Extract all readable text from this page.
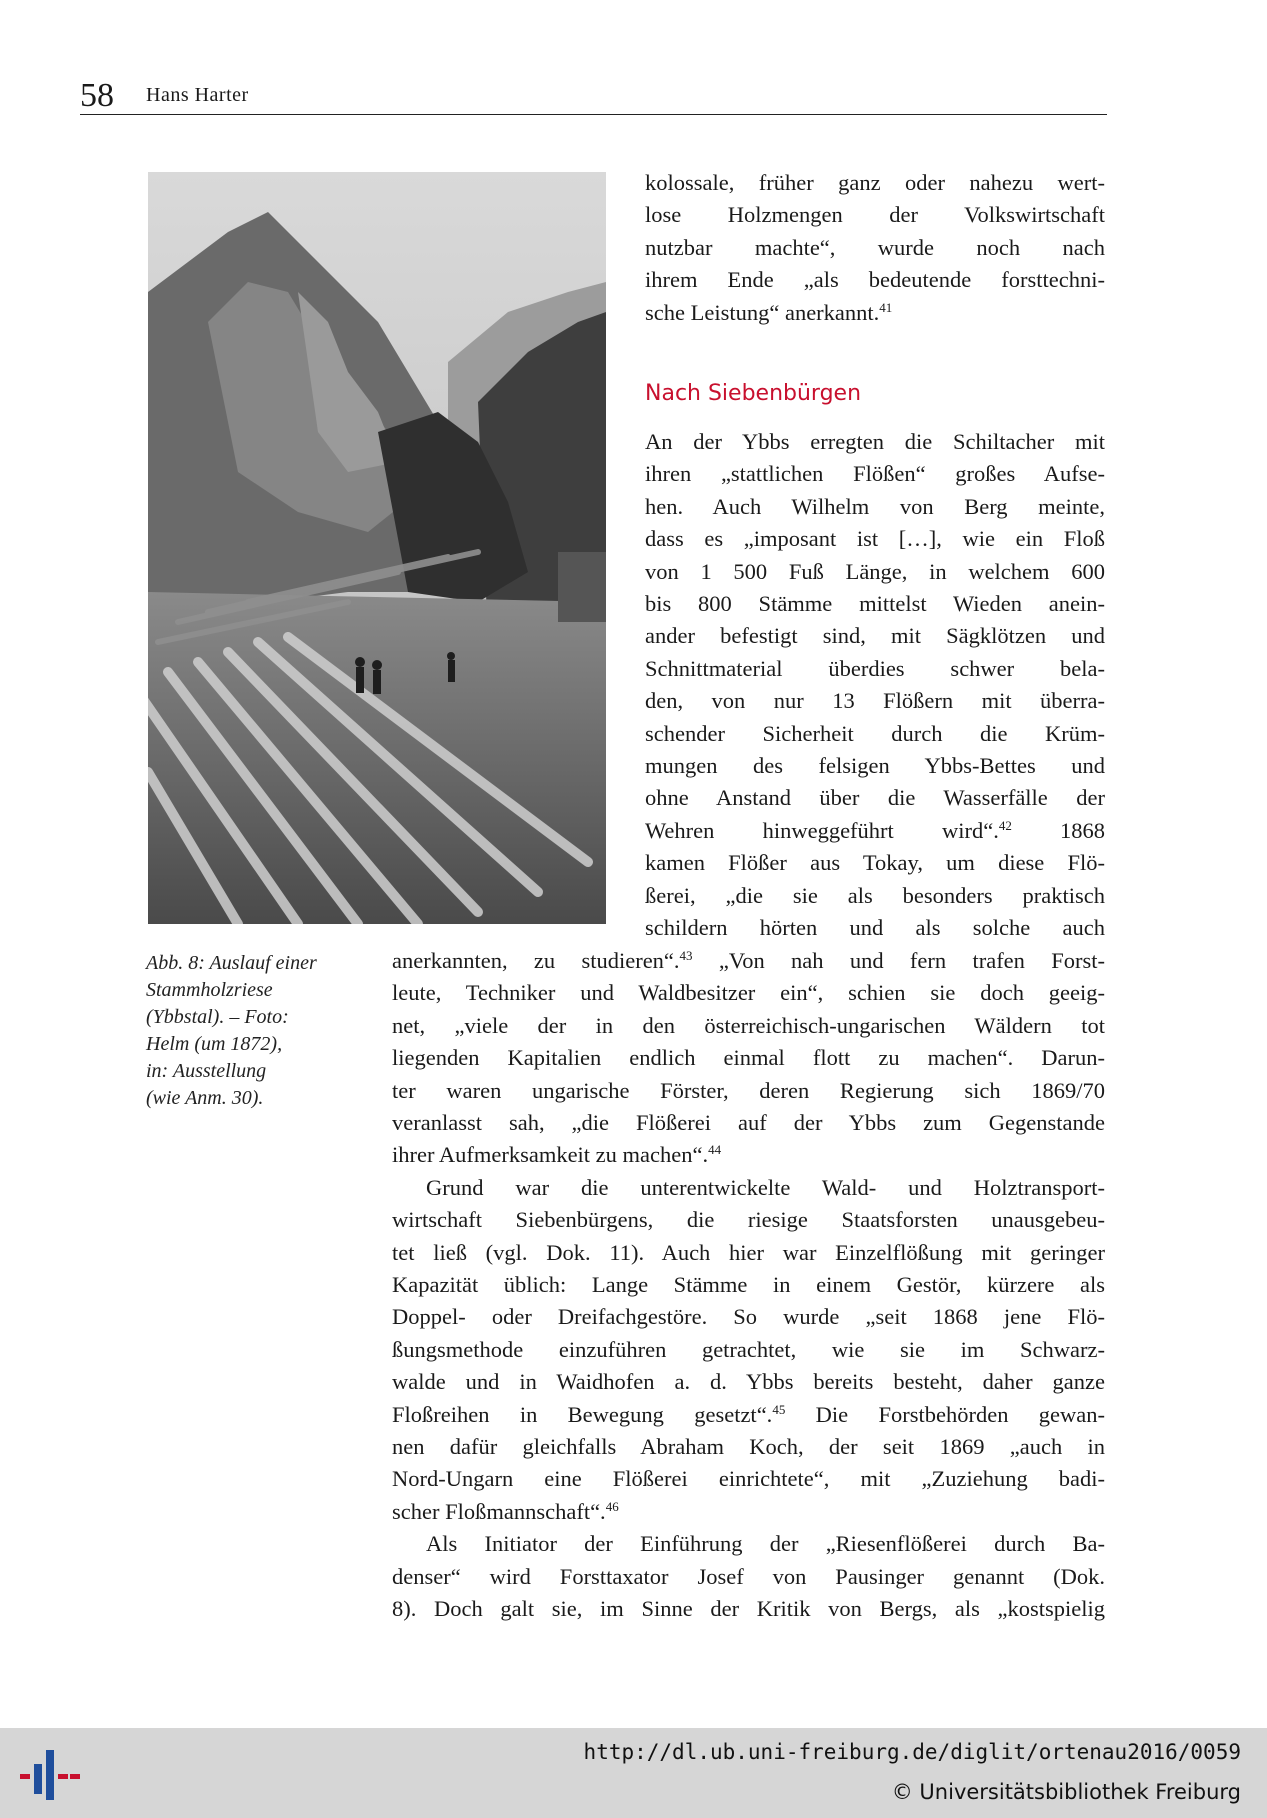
58 Hans Harter
Abb. 8: Auslauf einer
Stammholzriese
(Ybbstal). – Foto:
Helm (um 1872),
in: Ausstellung
(wie Anm. 30).
Nach Siebenbürgen
kolossale, früher ganz oder nahezu wert-
lose Holzmengen der Volkswirtschaft
nutzbar machte“, wurde noch nach
ihrem Ende „als bedeutende forsttechni-
sche Leistung“ anerkannt.$^{41}$
An der Ybbs erregten die Schiltacher mit
ihren „stattlichen Flößen“ großes Aufse-
hen. Auch Wilhelm von Berg meinte,
dass es „imposant ist […], wie ein Floß
von 1 500 Fuß Länge, in welchem 600
bis 800 Stämme mittelst Wieden anein-
ander befestigt sind, mit Sägklötzen und
Schnittmaterial überdies schwer bela-
den, von nur 13 Flößern mit überra-
schender Sicherheit durch die Krüm-
mungen des felsigen Ybbs-Bettes und
ohne Anstand über die Wasserfälle der
Wehren hinweggeführt wird“.$^{42}$ 1868
kamen Flößer aus Tokay, um diese Flö-
ßerei, „die sie als besonders praktisch
schildern hörten und als solche auch
anerkannten, zu studieren“.$^{43}$ „Von nah und fern trafen Forst-
leute, Techniker und Waldbesitzer ein“, schien sie doch geeig-
net, „viele der in den österreichisch-ungarischen Wäldern tot
liegenden Kapitalien endlich einmal flott zu machen“. Darun-
ter waren ungarische Förster, deren Regierung sich 1869/70
veranlasst sah, „die Flößerei auf der Ybbs zum Gegenstande
ihrer Aufmerksamkeit zu machen“.$^{44}$
Grund war die unterentwickelte Wald- und Holztransport-
wirtschaft Siebenbürgens, die riesige Staatsforsten unausgebeu-
tet ließ (vgl. Dok. 11). Auch hier war Einzelflößung mit geringer
Kapazität üblich: Lange Stämme in einem Gestör, kürzere als
Doppel- oder Dreifachgestöre. So wurde „seit 1868 jene Flö-
ßungsmethode einzuführen getrachtet, wie sie im Schwarz-
walde und in Waidhofen a. d. Ybbs bereits besteht, daher ganze
Floßreihen in Bewegung gesetzt“.$^{45}$ Die Forstbehörden gewan-
nen dafür gleichfalls Abraham Koch, der seit 1869 „auch in
Nord-Ungarn eine Flößerei einrichtete“, mit „Zuziehung badi-
scher Floßmannschaft“.$^{46}$
Als Initiator der Einführung der „Riesenflößerei durch Ba-
denser“ wird Forsttaxator Josef von Pausinger genannt (Dok.
8). Doch galt sie, im Sinne der Kritik von Bergs, als „kostspielig
http://dl.ub.uni-freiburg.de/diglit/ortenau2016/0059
© Universitätsbibliothek Freiburg
